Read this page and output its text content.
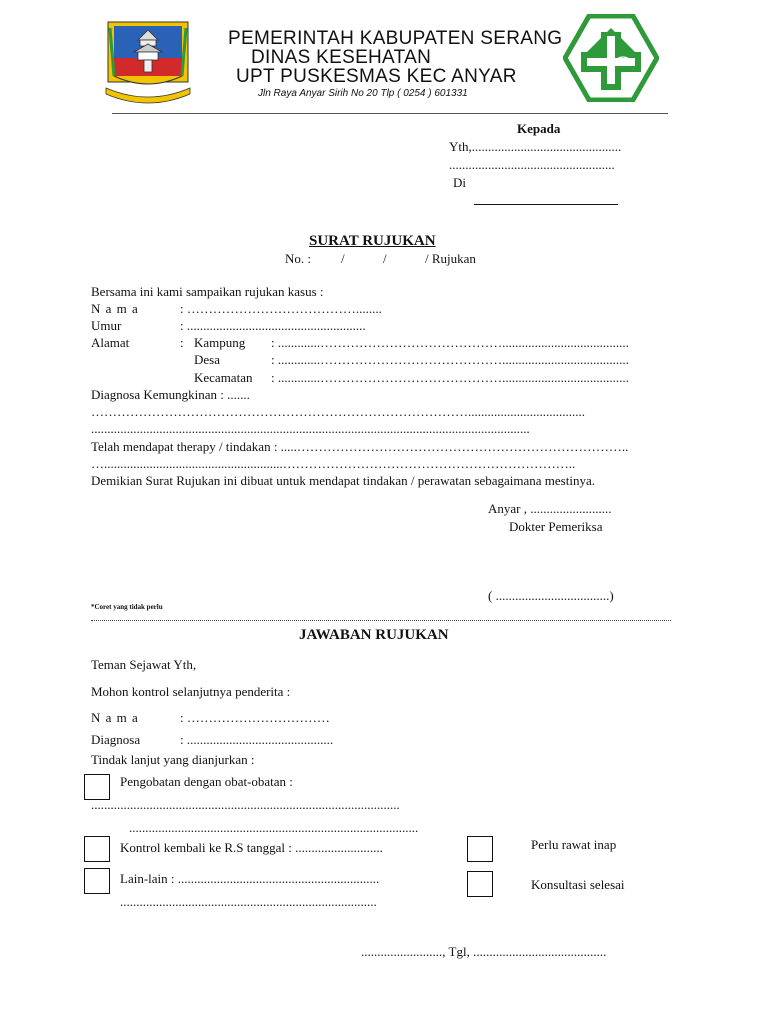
PEMERINTAH KABUPATEN SERANG
DINAS KESEHATAN
UPT PUSKESMAS KEC ANYAR
Jln Raya Anyar Sirih No 20 Tlp ( 0254 ) 601331
Kepada
Yth,..............................................
...................................................
Di
SURAT RUJUKAN
No. : /	/	/ Rujukan
Bersama ini kami sampaikan rujukan kasus :
N a m a	: …………………………………........
Umur	: .......................................................
Alamat	: Kampung : .............…………………………………….......................................
Desa	: .............…………………………………….......................................
Kecamatan : .............…………………………………….......................................
Diagnosa Kemungkinan : .......
……………………………………………………………………………....................................
.......................................................................................................................................
Telah mendapat therapy / tindakan : .....…………………………………………………………………..
….......................................................…………………………………………………………..
Demikian Surat Rujukan ini dibuat untuk mendapat tindakan / perawatan sebagaimana mestinya.
Anyar , .........................
Dokter Pemeriksa
( ...................................)
*Coret yang tidak perlu
JAWABAN RUJUKAN
Teman Sejawat Yth,
Mohon kontrol selanjutnya penderita :
N a m a	: ……………………………
Diagnosa	: .............................................
Tindak lanjut yang dianjurkan :
Pengobatan dengan obat-obatan :
...............................................................................................
.........................................................................................
Kontrol kembali ke R.S tanggal : ...........................
Lain-lain : ..............................................................
...............................................................................
Perlu rawat inap
Konsultasi selesai
........................., Tgl, .........................................
